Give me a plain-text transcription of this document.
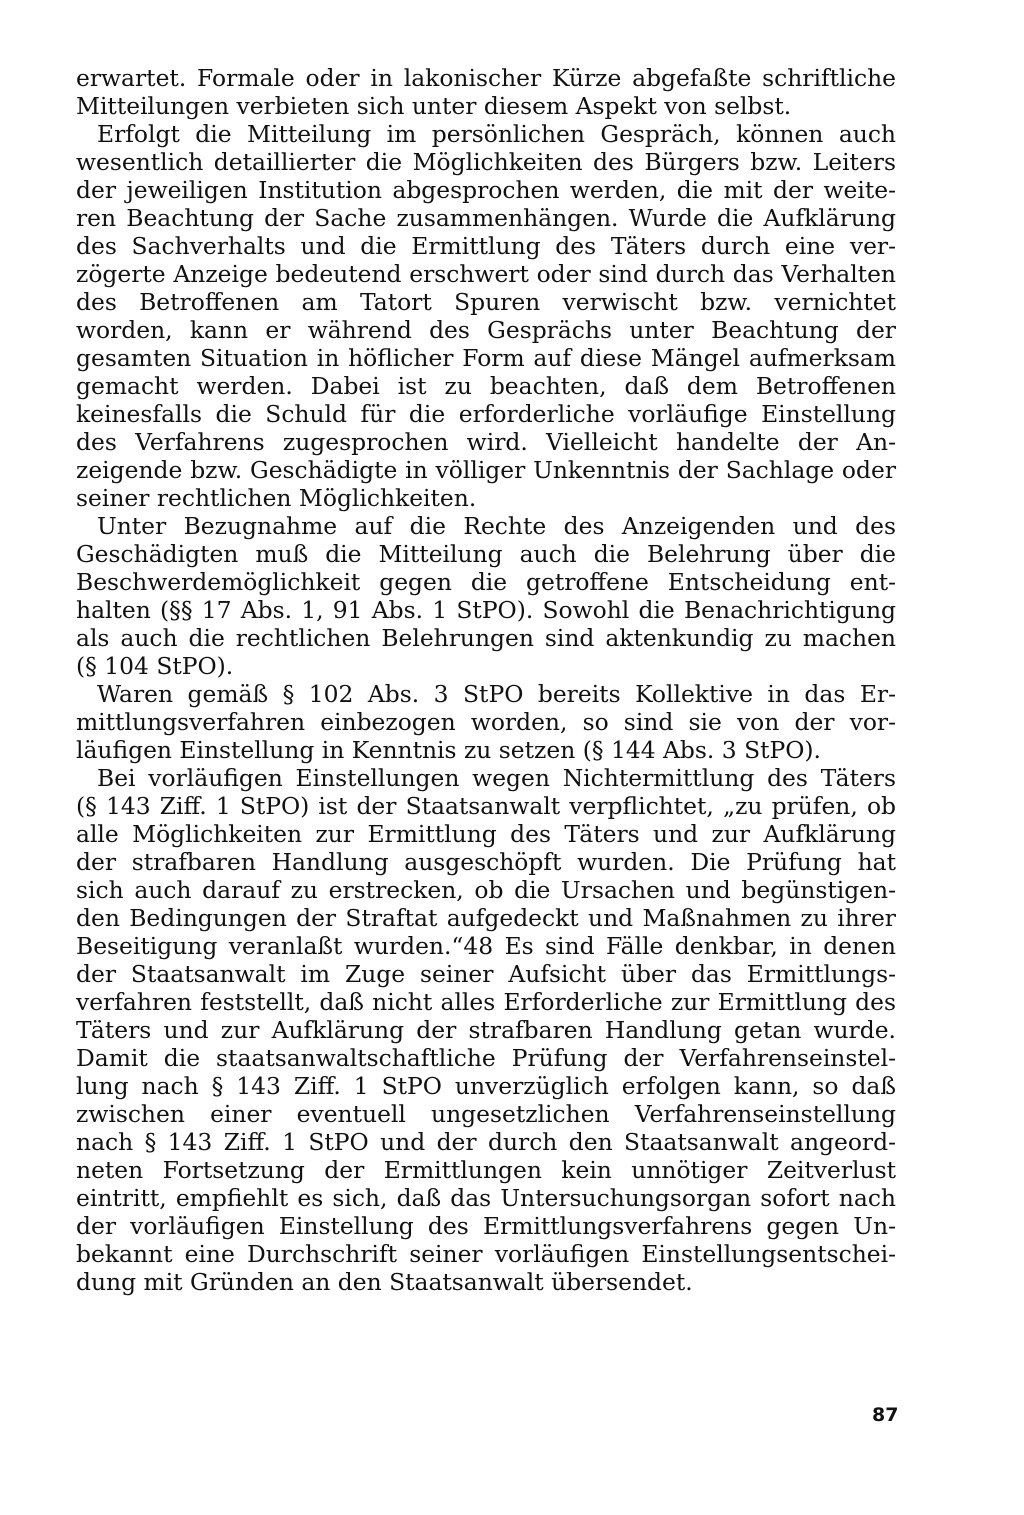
erwartet. Formale oder in lakonischer Kürze abgefaßte schriftliche
Mitteilungen verbieten sich unter diesem Aspekt von selbst.
Erfolgt die Mitteilung im persönlichen Gespräch, können auch
wesentlich detaillierter die Möglichkeiten des Bürgers bzw. Leiters
der jeweiligen Institution abgesprochen werden, die mit der weite-
ren Beachtung der Sache zusammenhängen. Wurde die Aufklärung
des Sachverhalts und die Ermittlung des Täters durch eine ver-
zögerte Anzeige bedeutend erschwert oder sind durch das Verhalten
des Betroffenen am Tatort Spuren verwischt bzw. vernichtet
worden, kann er während des Gesprächs unter Beachtung der
gesamten Situation in höflicher Form auf diese Mängel aufmerksam
gemacht werden. Dabei ist zu beachten, daß dem Betroffenen
keinesfalls die Schuld für die erforderliche vorläufige Einstellung
des Verfahrens zugesprochen wird. Vielleicht handelte der An-
zeigende bzw. Geschädigte in völliger Unkenntnis der Sachlage oder
seiner rechtlichen Möglichkeiten.
Unter Bezugnahme auf die Rechte des Anzeigenden und des
Geschädigten muß die Mitteilung auch die Belehrung über die
Beschwerdemöglichkeit gegen die getroffene Entscheidung ent-
halten (§§ 17 Abs. 1, 91 Abs. 1 StPO). Sowohl die Benachrichtigung
als auch die rechtlichen Belehrungen sind aktenkundig zu machen
(§ 104 StPO).
Waren gemäß § 102 Abs. 3 StPO bereits Kollektive in das Er-
mittlungsverfahren einbezogen worden, so sind sie von der vor-
läufigen Einstellung in Kenntnis zu setzen (§ 144 Abs. 3 StPO).
Bei vorläufigen Einstellungen wegen Nichtermittlung des Täters
(§ 143 Ziff. 1 StPO) ist der Staatsanwalt verpflichtet, „zu prüfen, ob
alle Möglichkeiten zur Ermittlung des Täters und zur Aufklärung
der strafbaren Handlung ausgeschöpft wurden. Die Prüfung hat
sich auch darauf zu erstrecken, ob die Ursachen und begünstigen-
den Bedingungen der Straftat aufgedeckt und Maßnahmen zu ihrer
Beseitigung veranlaßt wurden.“48 Es sind Fälle denkbar, in denen
der Staatsanwalt im Zuge seiner Aufsicht über das Ermittlungs-
verfahren feststellt, daß nicht alles Erforderliche zur Ermittlung des
Täters und zur Aufklärung der strafbaren Handlung getan wurde.
Damit die staatsanwaltschaftliche Prüfung der Verfahrenseinstel-
lung nach § 143 Ziff. 1 StPO unverzüglich erfolgen kann, so daß
zwischen einer eventuell ungesetzlichen Verfahrenseinstellung
nach § 143 Ziff. 1 StPO und der durch den Staatsanwalt angeord-
neten Fortsetzung der Ermittlungen kein unnötiger Zeitverlust
eintritt, empfiehlt es sich, daß das Untersuchungsorgan sofort nach
der vorläufigen Einstellung des Ermittlungsverfahrens gegen Un-
bekannt eine Durchschrift seiner vorläufigen Einstellungsentschei-
dung mit Gründen an den Staatsanwalt übersendet.
87
